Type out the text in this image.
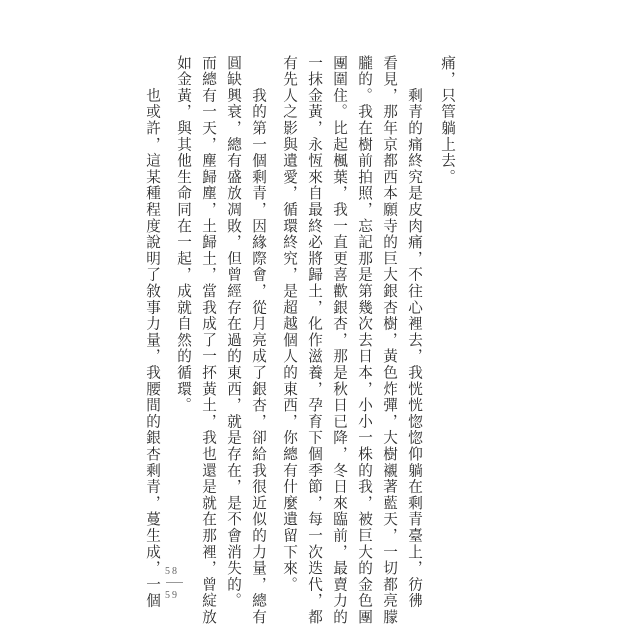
痛，只管躺上去。
　　剩青的痛終究是皮肉痛，不往心裡去，我恍恍惚惚仰躺在剩青臺上，彷彿
看見，那年京都西本願寺的巨大銀杏樹，黃色炸彈，大樹襯著藍天，一切都亮朦
朧的。我在樹前拍照，忘記那是第幾次去日本，小小一株的我，被巨大的金色團
團圍住。比起楓葉，我一直更喜歡銀杏，那是秋日已降，冬日來臨前，最賣力的
一抹金黃，永恆來自最終必將歸土，化作滋養，孕育下個季節，每一次迭代，都
有先人之影與遺愛，循環終究，是超越個人的東西，你總有什麼遺留下來。
　　我的第一個剩青，因緣際會，從月亮成了銀杏，卻給我很近似的力量，總有
圓缺興衰，總有盛放凋敗，但曾經存在過的東西，就是存在，是不會消失的。
而總有一天，塵歸塵，土歸土，當我成了一抔黃土，我也還是就在那裡，曾綻放
如金黃，與其他生命同在一起，成就自然的循環。
　　也或許，這某種程度說明了敘事力量，我腰間的銀杏剩青，蔓生成，一個 58
59
